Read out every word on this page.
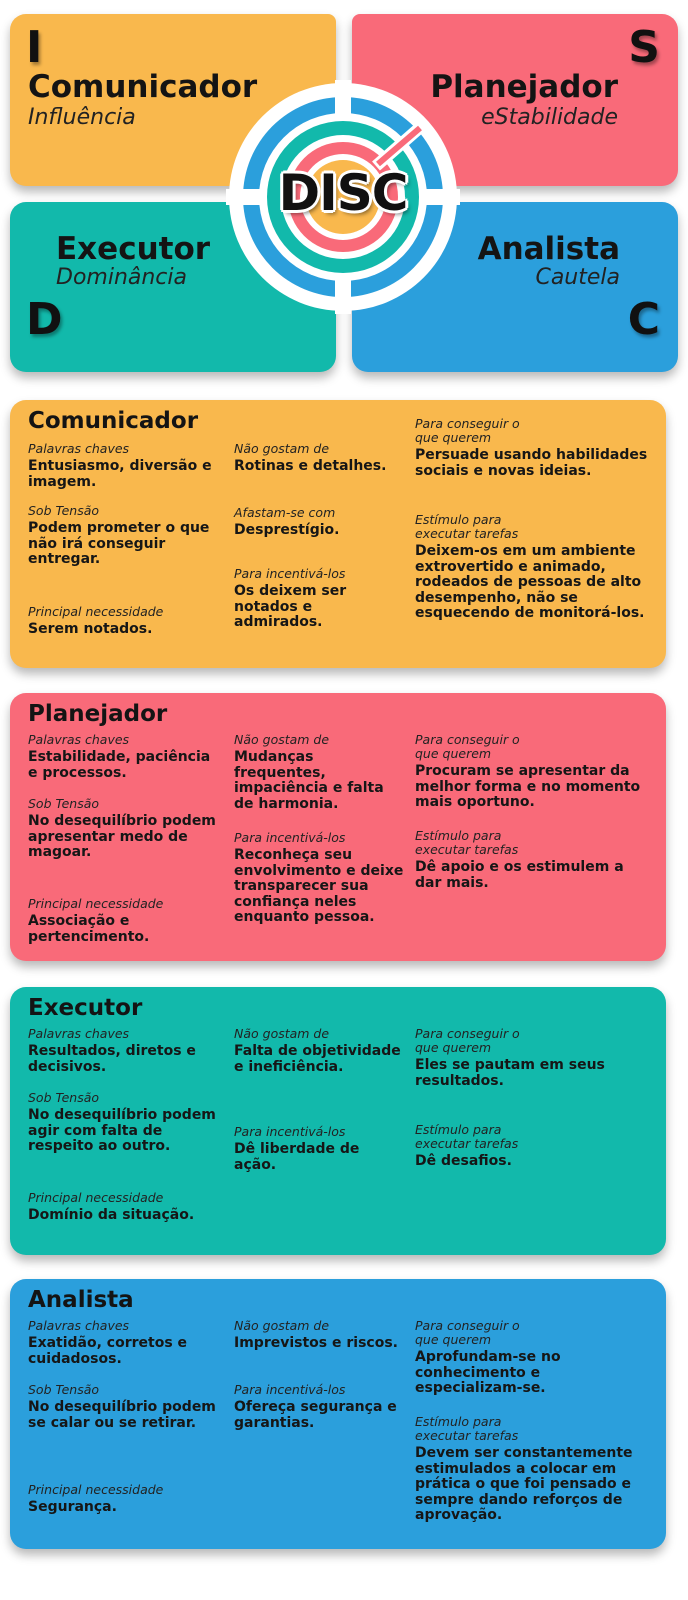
I
Comunicador
Influência
S
Planejador
eStabilidade
Executor
Dominância
D
Analista
Cautela
C
DISC
Comunicador
Palavras chaves
Entusiasmo, diversão e imagem.
Sob Tensão
Podem prometer o que não irá conseguir entregar.
Principal necessidade
Serem notados.
Não gostam de
Rotinas e detalhes.
Afastam-se com
Desprestígio.
Para incentivá-los
Os deixem ser notados e admirados.
Para conseguir o que querem
Persuade usando habilidades sociais e novas ideias.
Estímulo para executar tarefas
Deixem-os em um ambiente extrovertido e animado, rodeados de pessoas de alto desempenho, não se esquecendo de monitorá-los.
Planejador
Palavras chaves
Estabilidade, paciência e processos.
Sob Tensão
No desequilíbrio podem apresentar medo de magoar.
Principal necessidade
Associação e pertencimento.
Não gostam de
Mudanças frequentes, impaciência e falta de harmonia.
Para incentivá-los
Reconheça seu envolvimento e deixe transparecer sua confiança neles enquanto pessoa.
Para conseguir o que querem
Procuram se apresentar da melhor forma e no momento mais oportuno.
Estímulo para executar tarefas
Dê apoio e os estimulem a dar mais.
Executor
Palavras chaves
Resultados, diretos e decisivos.
Sob Tensão
No desequilíbrio podem agir com falta de respeito ao outro.
Principal necessidade
Domínio da situação.
Não gostam de
Falta de objetividade e ineficiência.
Para incentivá-los
Dê liberdade de ação.
Para conseguir o que querem
Eles se pautam em seus resultados.
Estímulo para executar tarefas
Dê desafios.
Analista
Palavras chaves
Exatidão, corretos e cuidadosos.
Sob Tensão
No desequilíbrio podem se calar ou se retirar.
Principal necessidade
Segurança.
Não gostam de
Imprevistos e riscos.
Para incentivá-los
Ofereça segurança e garantias.
Para conseguir o que querem
Aprofundam-se no conhecimento e especializam-se.
Estímulo para executar tarefas
Devem ser constantemente estimulados a colocar em prática o que foi pensado e sempre dando reforços de aprovação.
